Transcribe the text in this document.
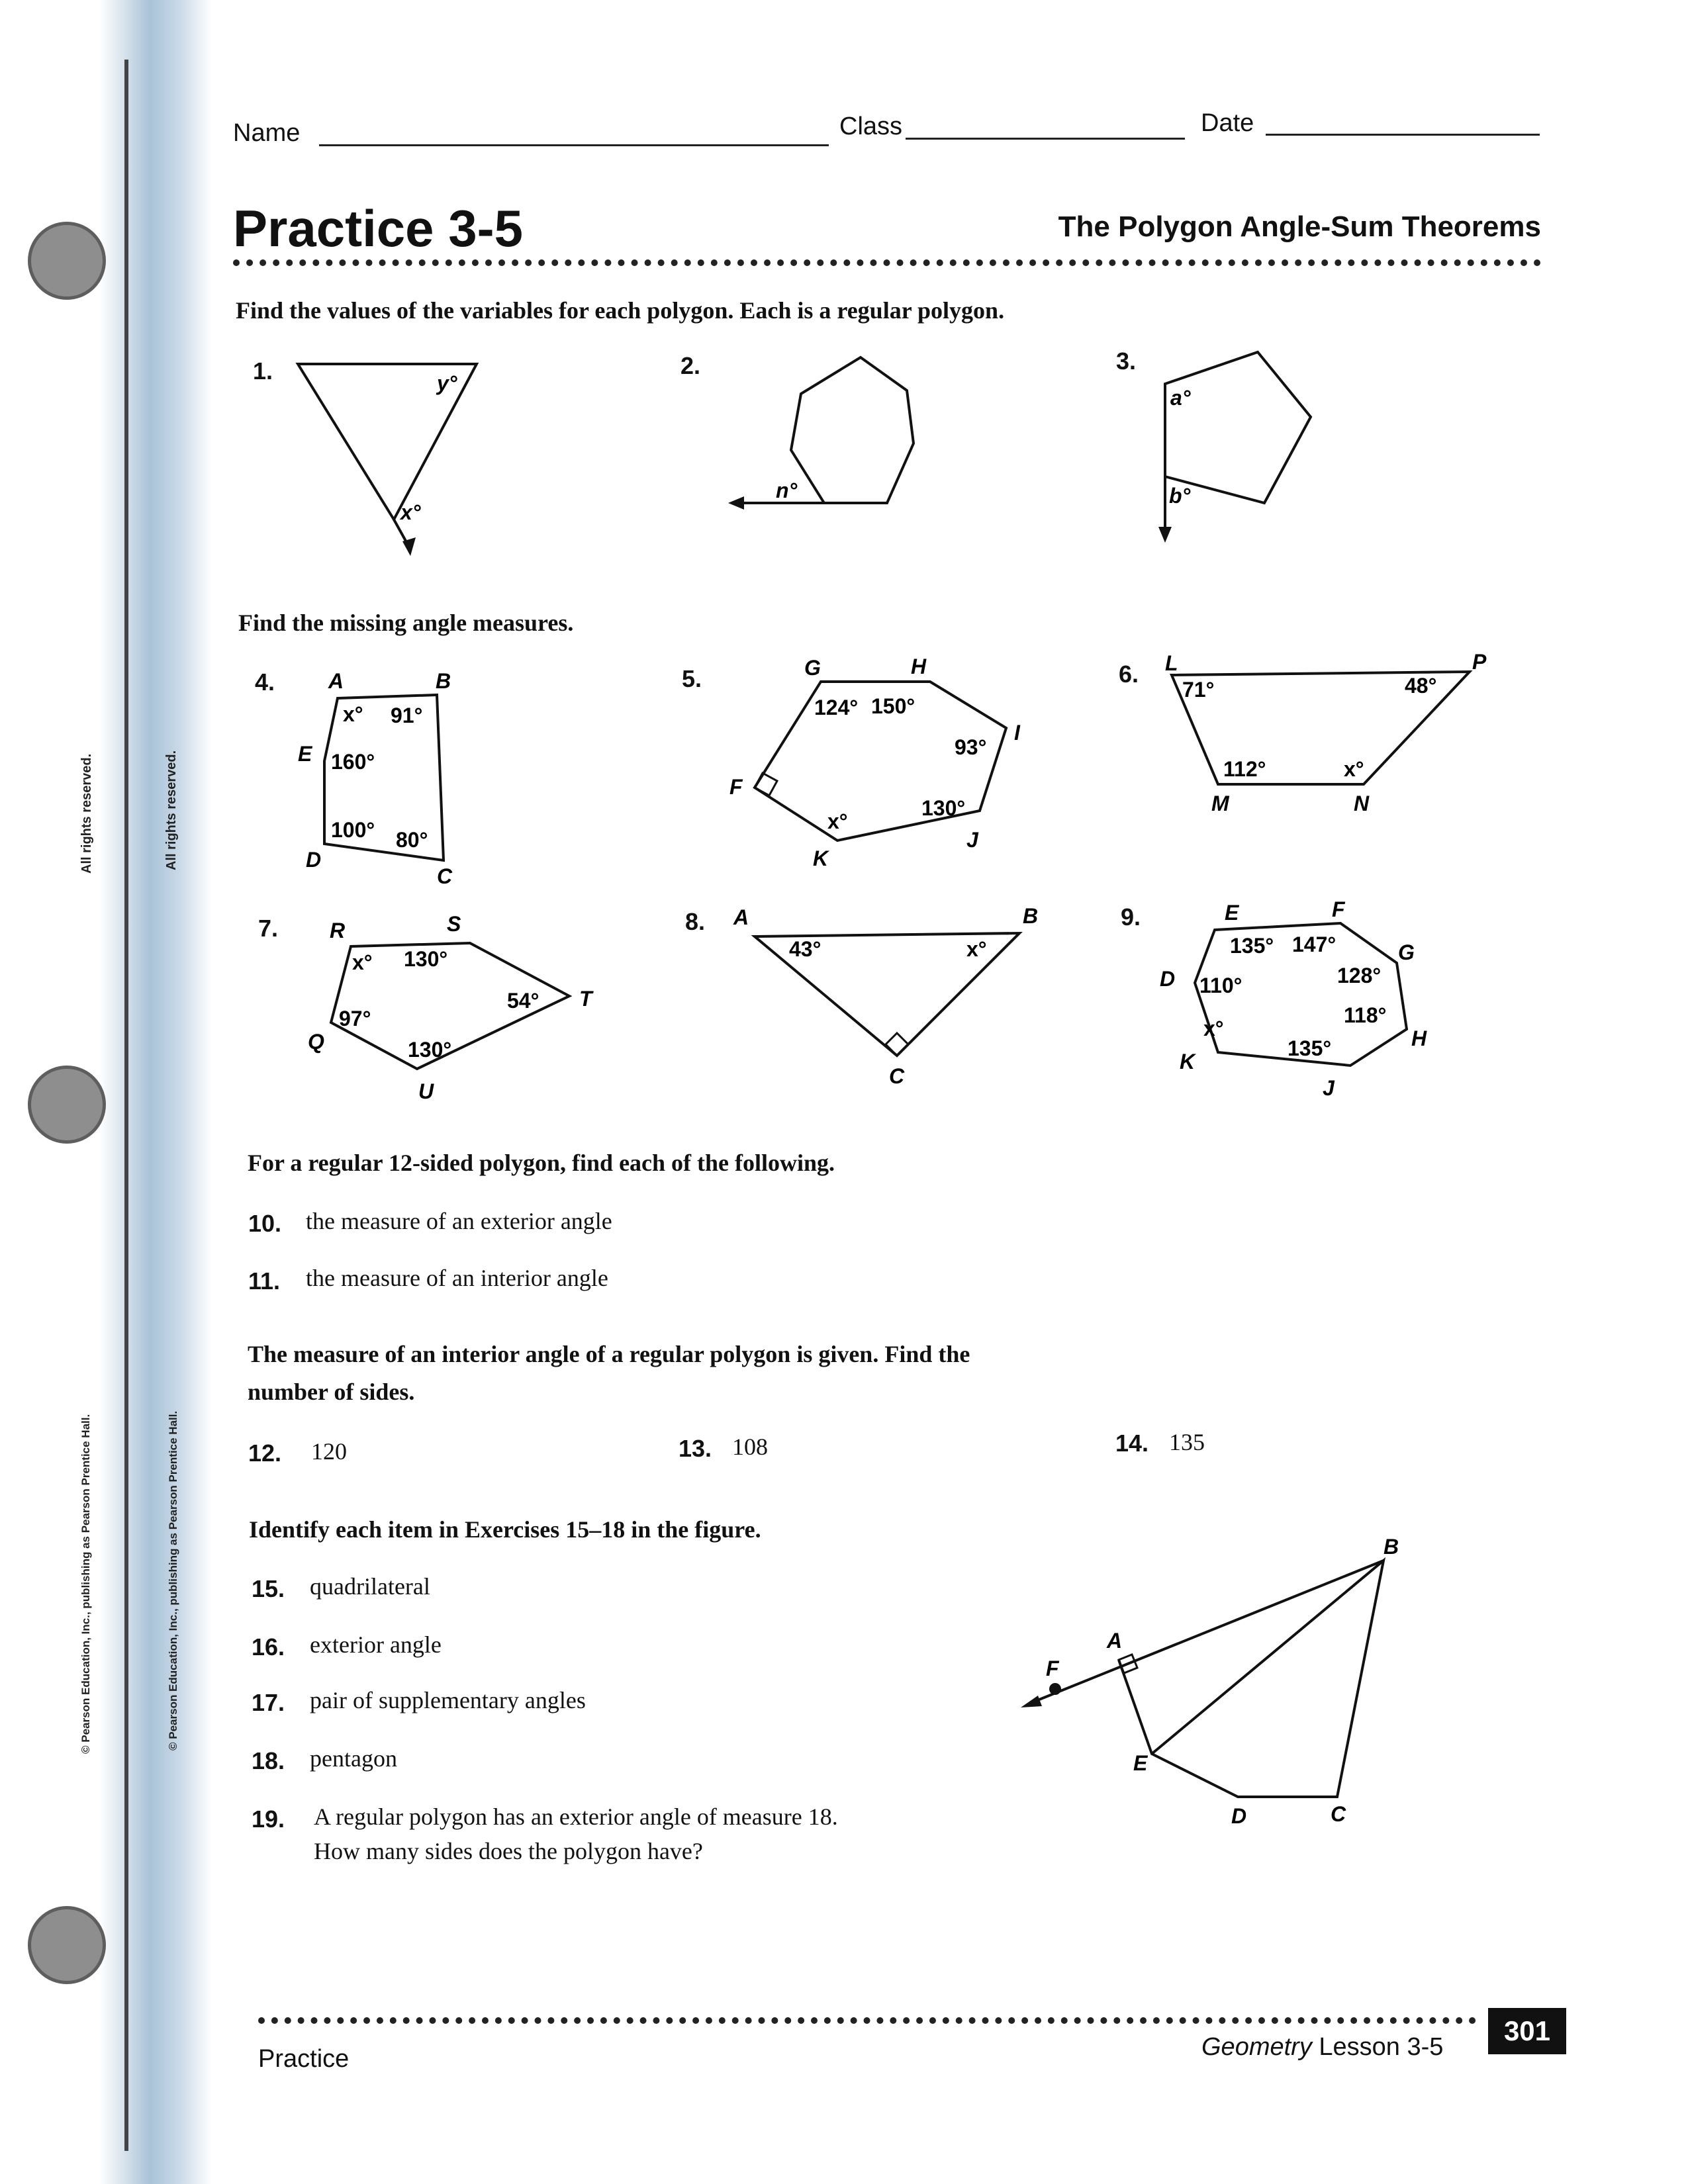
All rights reserved.	All rights reserved.
© Pearson Education, Inc., publishing as Pearson Prentice Hall.	© Pearson Education, Inc., publishing as Pearson Prentice Hall.
Name	Class	Date
Practice 3-5	The Polygon Angle-Sum Theorems
Find the values of the variables for each polygon. Each is a regular polygon.
1.	2.	3.
y°
x°
n°
a°
b°
Find the missing angle measures.
4.	5.	6.
7.	8.	9.
A	B
C
D
E
x° 91°
160°
100° 80°
G	H
I
J
K
F
124° 150°
93°
130°
x°
L	P
M	N
71°	48°
112°	x°
R	S
T
U
Q
x° 130°
54°
97°
130°
A	B
C
43°	x°
E	F
G
H
J
K
D
135° 147°
128°
110°
118°
x°
135°
For a regular 12-sided polygon, find each of the following.
10. the measure of an exterior angle
11. the measure of an interior angle
The measure of an interior angle of a regular polygon is given. Find the
number of sides.
12. 120	13. 108	14. 135
Identify each item in Exercises 15–18 in the figure.
15. quadrilateral
16. exterior angle
17. pair of supplementary angles
18. pentagon
19. A regular polygon has an exterior angle of measure 18.
How many sides does the polygon have?
B
A
F
E
D	C
Practice	Geometry Lesson 3-5
301
